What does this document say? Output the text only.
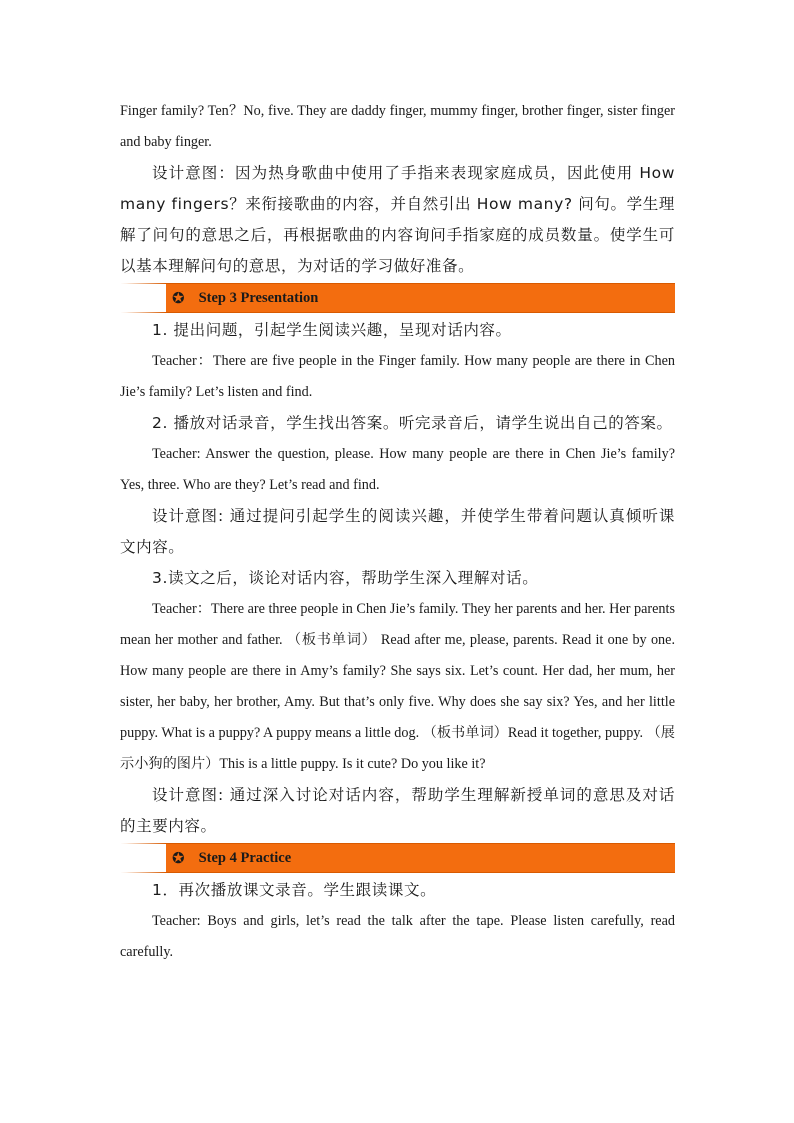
Finger family? Ten？No, five. They are daddy finger, mummy finger, brother finger, sister finger and baby finger.

设计意图：因为热身歌曲中使用了手指来表现家庭成员，因此使用 How many fingers？来衔接歌曲的内容，并自然引出 How many? 问句。学生理解了问句的意思之后，再根据歌曲的内容询问手指家庭的成员数量。使学生可以基本理解问句的意思，为对话的学习做好准备。

✪ Step 3 Presentation

1. 提出问题，引起学生阅读兴趣，呈现对话内容。

Teacher：There are five people in the Finger family. How many people are there in Chen Jie’s family? Let’s listen and find.

2. 播放对话录音，学生找出答案。听完录音后，请学生说出自己的答案。

Teacher: Answer the question, please. How many people are there in Chen Jie’s family? Yes, three. Who are they? Let’s read and find.

设计意图: 通过提问引起学生的阅读兴趣，并使学生带着问题认真倾听课文内容。

3.读文之后，谈论对话内容，帮助学生深入理解对话。

Teacher：There are three people in Chen Jie’s family. They her parents and her. Her parents mean her mother and father. （板书单词） Read after me, please, parents. Read it one by one. How many people are there in Amy’s family? She says six. Let’s count. Her dad, her mum, her sister, her baby, her brother, Amy. But that’s only five. Why does she say six? Yes, and her little puppy. What is a puppy? A puppy means a little dog. （板书单词）Read it together, puppy. （展示小狗的图片）This is a little puppy. Is it cute? Do you like it?

设计意图: 通过深入讨论对话内容，帮助学生理解新授单词的意思及对话的主要内容。

✪ Step 4 Practice

1．再次播放课文录音。学生跟读课文。

Teacher: Boys and girls, let’s read the talk after the tape. Please listen carefully, read carefully.
